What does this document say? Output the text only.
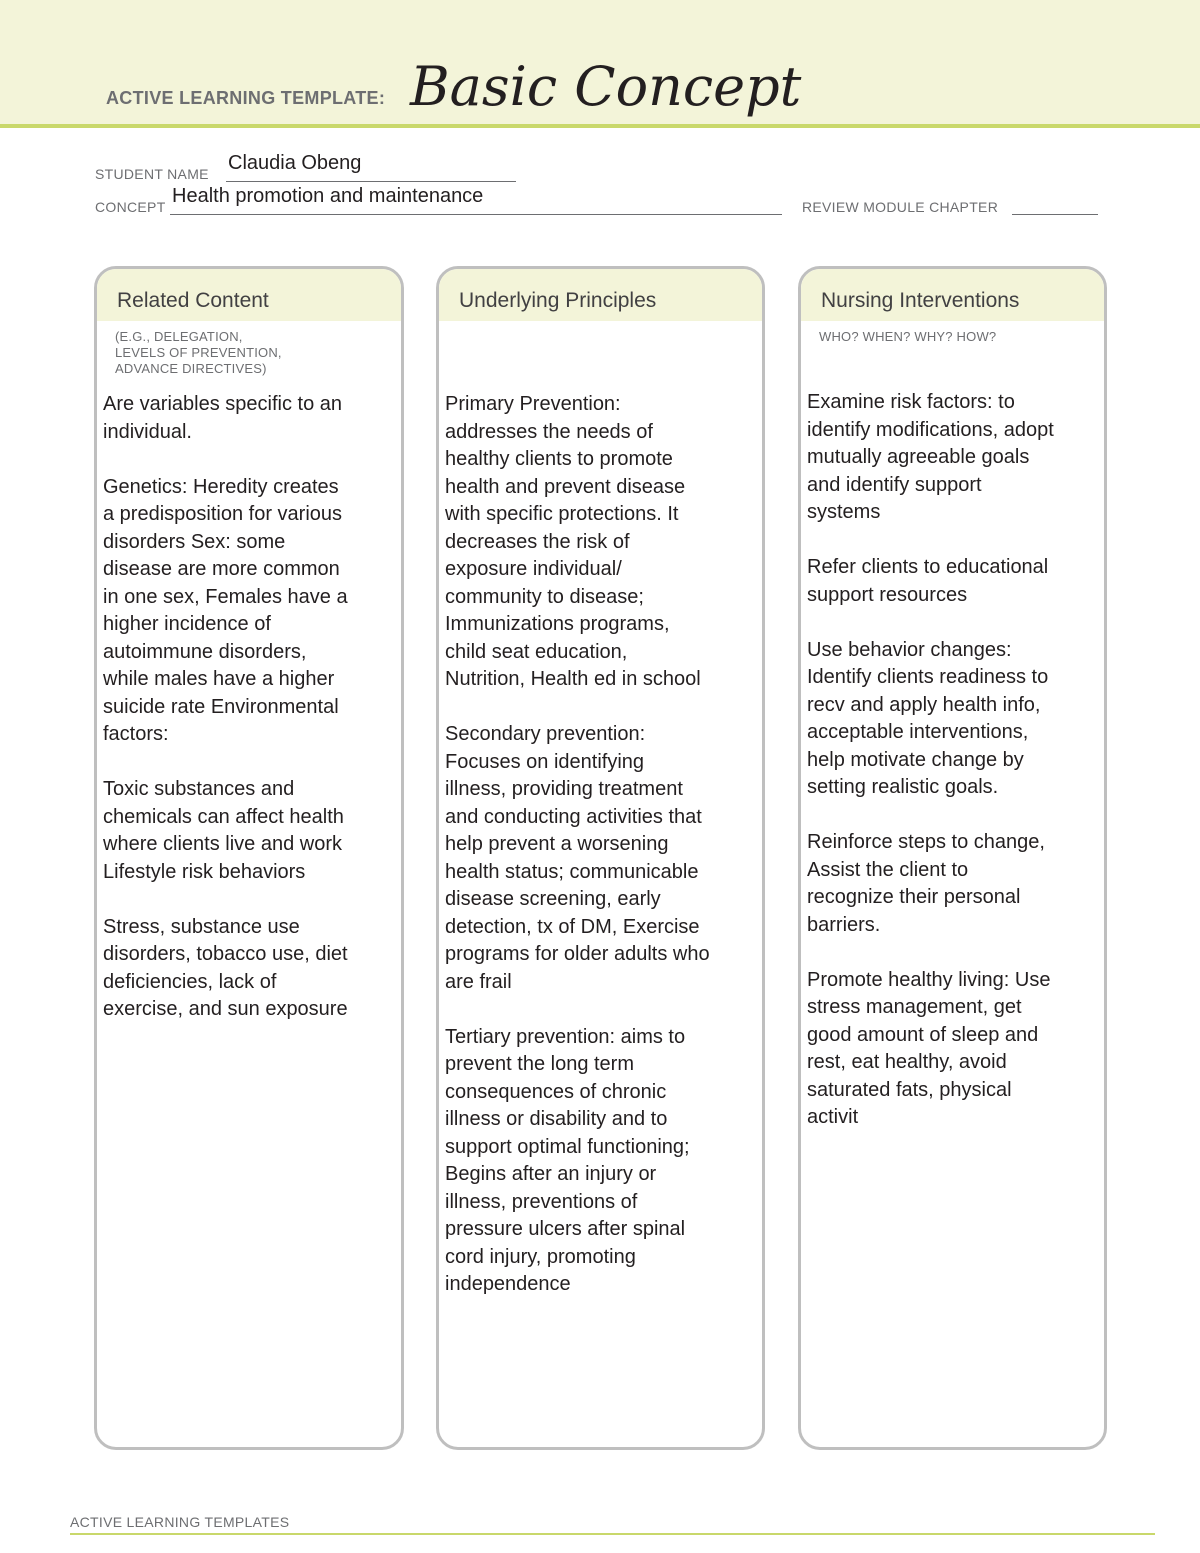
ACTIVE LEARNING TEMPLATE: Basic Concept
STUDENT NAME Claudia Obeng
CONCEPT Health promotion and maintenance	REVIEW MODULE CHAPTER
Related Content
(E.G., DELEGATION,
LEVELS OF PREVENTION,
ADVANCE DIRECTIVES)
Are variables specific to an
individual.

Genetics: Heredity creates
a predisposition for various
disorders Sex: some
disease are more common
in one sex, Females have a
higher incidence of
autoimmune disorders,
while males have a higher
suicide rate Environmental
factors:

Toxic substances and
chemicals can affect health
where clients live and work
Lifestyle risk behaviors

Stress, substance use
disorders, tobacco use, diet
deficiencies, lack of
exercise, and sun exposure
Underlying Principles
Primary Prevention:
addresses the needs of
healthy clients to promote
health and prevent disease
with specific protections. It
decreases the risk of
exposure individual/
community to disease;
Immunizations programs,
child seat education,
Nutrition, Health ed in school

Secondary prevention:
Focuses on identifying
illness, providing treatment
and conducting activities that
help prevent a worsening
health status; communicable
disease screening, early
detection, tx of DM, Exercise
programs for older adults who
are frail

Tertiary prevention: aims to
prevent the long term
consequences of chronic
illness or disability and to
support optimal functioning;
Begins after an injury or
illness, preventions of
pressure ulcers after spinal
cord injury, promoting
independence
Nursing Interventions
WHO? WHEN? WHY? HOW?
Examine risk factors: to
identify modifications, adopt
mutually agreeable goals
and identify support
systems

Refer clients to educational
support resources

Use behavior changes:
Identify clients readiness to
recv and apply health info,
acceptable interventions,
help motivate change by
setting realistic goals.

Reinforce steps to change,
Assist the client to
recognize their personal
barriers.

Promote healthy living: Use
stress management, get
good amount of sleep and
rest, eat healthy, avoid
saturated fats, physical
activit
ACTIVE LEARNING TEMPLATES
